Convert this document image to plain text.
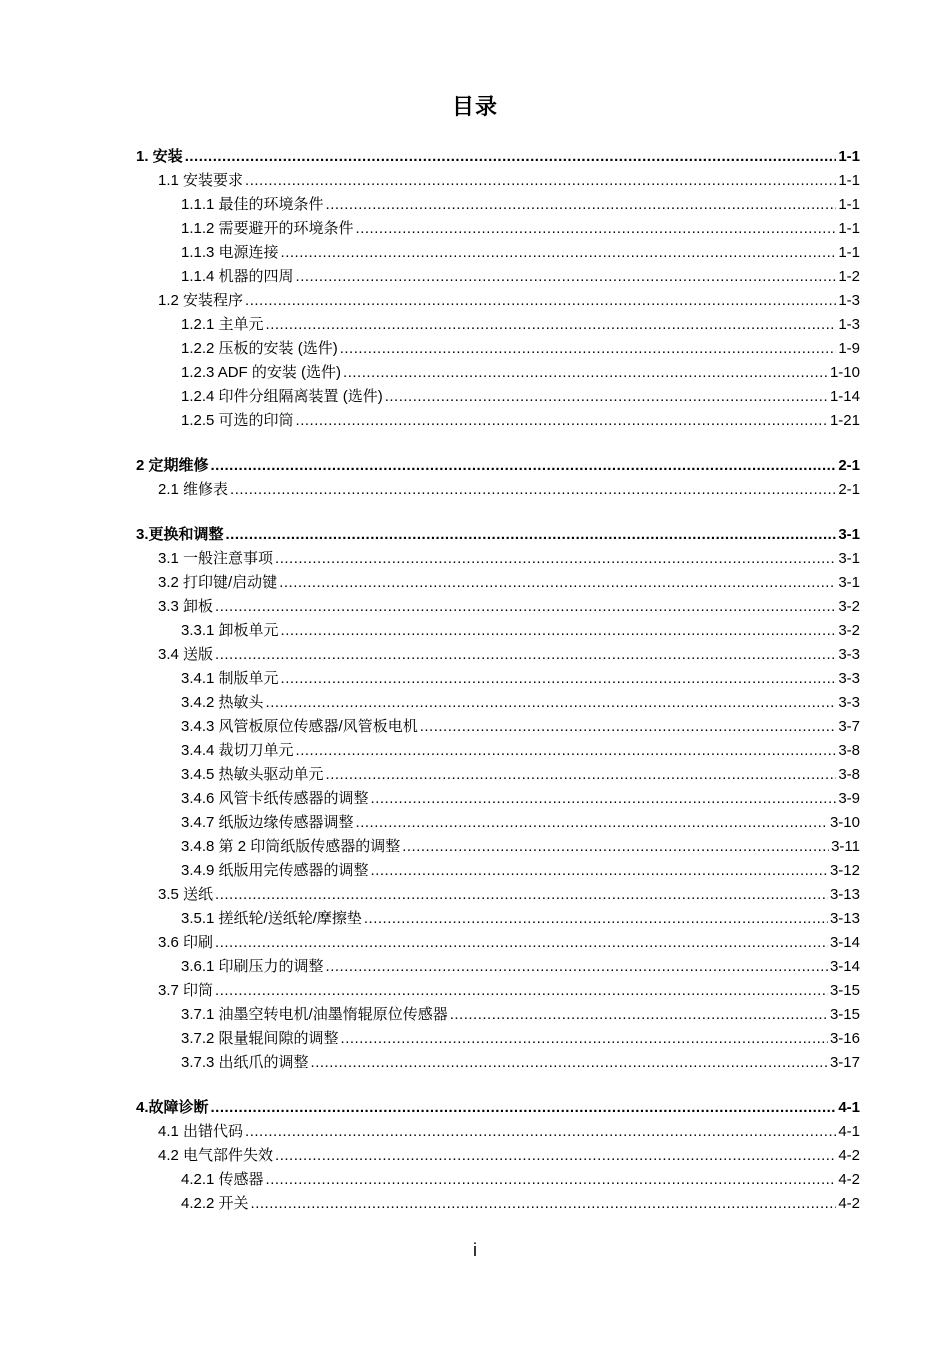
目录
1. 安装 .....	1-1
1.1 安装要求 .....	1-1
1.1.1 最佳的环境条件 .....	1-1
1.1.2 需要避开的环境条件 .....	1-1
1.1.3 电源连接 .....	1-1
1.1.4 机器的四周 .....	1-2
1.2 安装程序 .....	1-3
1.2.1 主单元 .....	1-3
1.2.2 压板的安装 (选件) .....	1-9
1.2.3 ADF 的安装 (选件) .....	1-10
1.2.4 印件分组隔离装置 (选件) .....	1-14
1.2.5 可选的印筒 .....	1-21
2 定期维修 .....	2-1
2.1 维修表 .....	2-1
3.更换和调整 .....	3-1
3.1 一般注意事项 .....	3-1
3.2 打印键/启动键 .....	3-1
3.3 卸板 .....	3-2
3.3.1 卸板单元 .....	3-2
3.4 送版 .....	3-3
3.4.1 制版单元 .....	3-3
3.4.2 热敏头 .....	3-3
3.4.3 风管板原位传感器/风管板电机 .....	3-7
3.4.4 裁切刀单元 .....	3-8
3.4.5 热敏头驱动单元 .....	3-8
3.4.6 风管卡纸传感器的调整 .....	3-9
3.4.7 纸版边缘传感器调整 .....	3-10
3.4.8 第 2 印筒纸版传感器的调整 .....	3-11
3.4.9 纸版用完传感器的调整 .....	3-12
3.5 送纸 .....	3-13
3.5.1 搓纸轮/送纸轮/摩擦垫 .....	3-13
3.6 印刷 .....	3-14
3.6.1 印刷压力的调整 .....	3-14
3.7 印筒 .....	3-15
3.7.1 油墨空转电机/油墨惰辊原位传感器 .....	3-15
3.7.2 限量辊间隙的调整 .....	3-16
3.7.3 出纸爪的调整 .....	3-17
4.故障诊断 .....	4-1
4.1 出错代码 .....	4-1
4.2 电气部件失效 .....	4-2
4.2.1 传感器 .....	4-2
4.2.2 开关 .....	4-2
i
